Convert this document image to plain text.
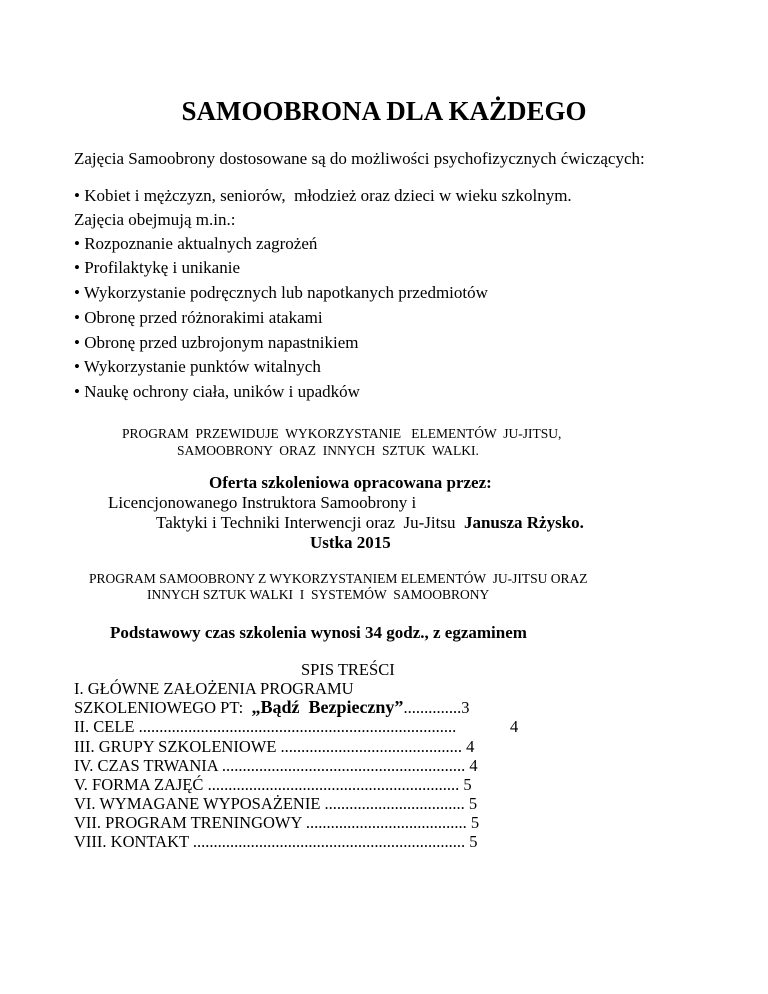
SAMOOBRONA DLA KAŻDEGO
Zajęcia Samoobrony dostosowane są do możliwości psychofizycznych ćwiczących:
• Kobiet i mężczyzn, seniorów,  młodzież oraz dzieci w wieku szkolnym.
Zajęcia obejmują m.in.:
• Rozpoznanie aktualnych zagrożeń
• Profilaktykę i unikanie
• Wykorzystanie podręcznych lub napotkanych przedmiotów
• Obronę przed różnorakimi atakami
• Obronę przed uzbrojonym napastnikiem
• Wykorzystanie punktów witalnych
• Naukę ochrony ciała, uników i upadków
PROGRAM  PRZEWIDUJE  WYKORZYSTANIE   ELEMENTÓW  JU-JITSU,
SAMOOBRONY  ORAZ  INNYCH  SZTUK  WALKI.
Oferta szkoleniowa opracowana przez:
Licencjonowanego Instruktora Samoobrony i
Taktyki i Techniki Interwencji oraz  Ju-Jitsu  Janusza Rżysko.
Ustka 2015
PROGRAM SAMOOBRONY Z WYKORZYSTANIEM ELEMENTÓW  JU-JITSU ORAZ
INNYCH SZTUK WALKI  I  SYSTEMÓW  SAMOOBRONY
Podstawowy czas szkolenia wynosi 34 godz., z egzaminem
SPIS TREŚCI
I. GŁÓWNE ZAŁOŻENIA PROGRAMU
SZKOLENIOWEGO PT:  „Bądź  Bezpieczny”..............3
II. CELE .............................................................................	4
III. GRUPY SZKOLENIOWE ............................................ 4
IV. CZAS TRWANIA ........................................................... 4
V. FORMA ZAJĘĆ ............................................................. 5
VI. WYMAGANE WYPOSAŻENIE .................................. 5
VII. PROGRAM TRENINGOWY ....................................... 5
VIII. KONTAKT .................................................................. 5
